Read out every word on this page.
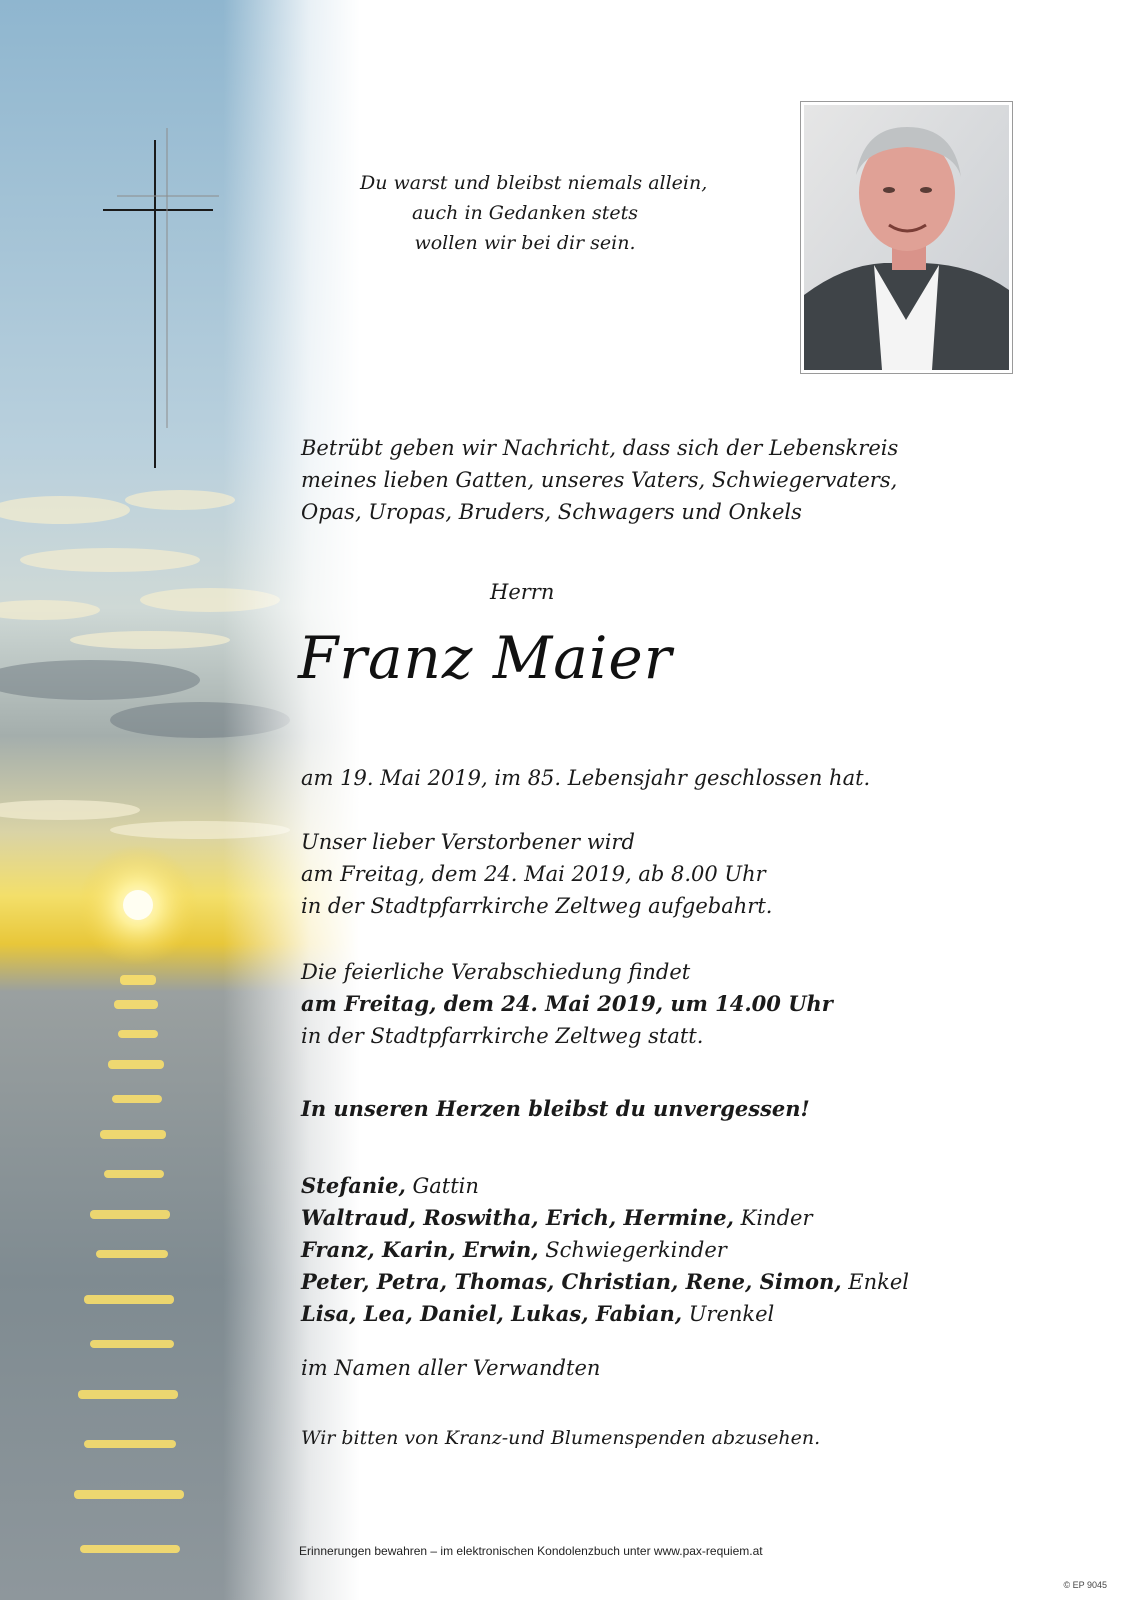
Du warst und bleibst niemals allein,
auch in Gedanken stets
wollen wir bei dir sein.
Betrübt geben wir Nachricht, dass sich der Lebenskreis
meines lieben Gatten, unseres Vaters, Schwiegervaters,
Opas, Uropas, Bruders, Schwagers und Onkels
Herrn
Franz Maier
am 19. Mai 2019, im 85. Lebensjahr geschlossen hat.
Unser lieber Verstorbener wird
am Freitag, dem 24. Mai 2019, ab 8.00 Uhr
in der Stadtpfarrkirche Zeltweg aufgebahrt.
Die feierliche Verabschiedung findet
am Freitag, dem 24. Mai 2019, um 14.00 Uhr
in der Stadtpfarrkirche Zeltweg statt.
In unseren Herzen bleibst du unvergessen!
Stefanie, Gattin
Waltraud, Roswitha, Erich, Hermine, Kinder
Franz, Karin, Erwin, Schwiegerkinder
Peter, Petra, Thomas, Christian, Rene, Simon, Enkel
Lisa, Lea, Daniel, Lukas, Fabian, Urenkel
im Namen aller Verwandten
Wir bitten von Kranz-und Blumenspenden abzusehen.
Erinnerungen bewahren – im elektronischen Kondolenzbuch unter www.pax-requiem.at
© EP 9045
